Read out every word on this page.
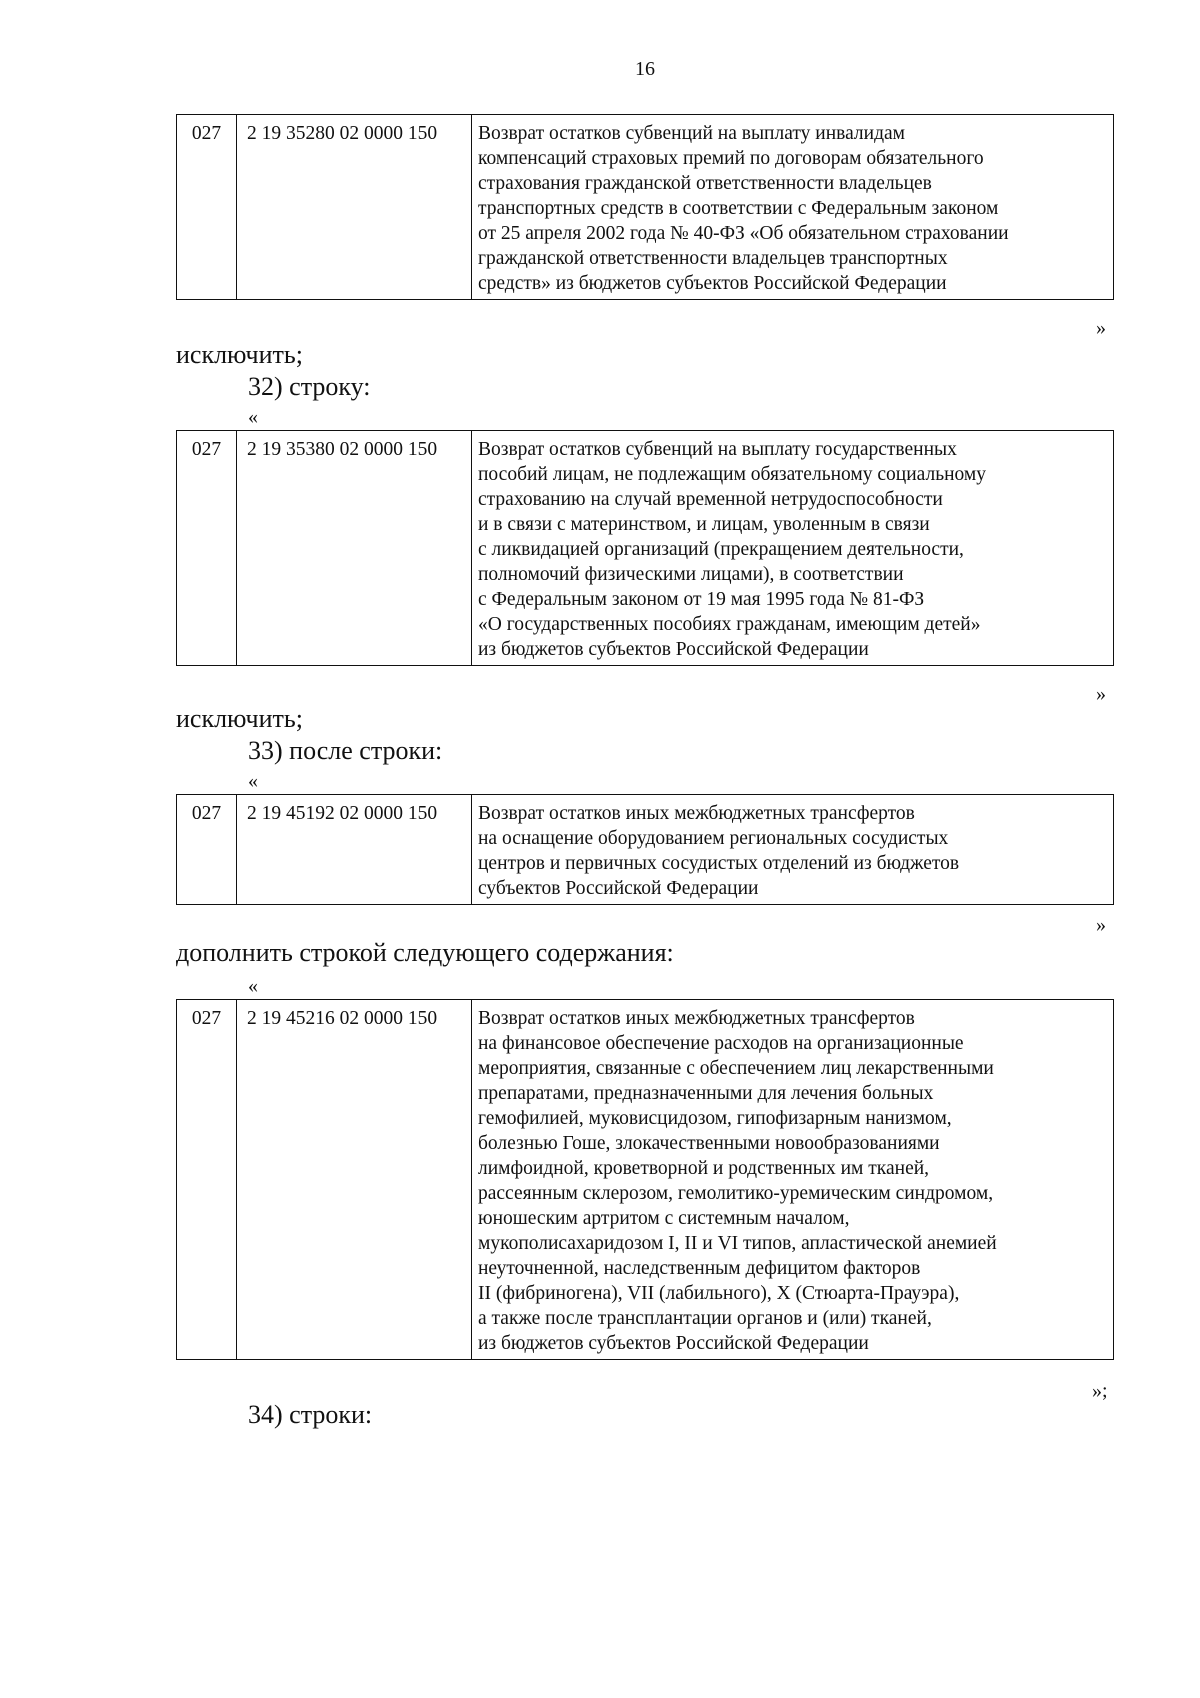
16
027	2 19 35280 02 0000 150	Возврат остатков субвенций на выплату инвалидам
компенсаций страховых премий по договорам обязательного
страхования гражданской ответственности владельцев
транспортных средств в соответствии с Федеральным законом
от 25 апреля 2002 года № 40-ФЗ «Об обязательном страховании
гражданской ответственности владельцев транспортных
средств» из бюджетов субъектов Российской Федерации
»
исключить;
32) строку:
«
027	2 19 35380 02 0000 150	Возврат остатков субвенций на выплату государственных
пособий лицам, не подлежащим обязательному социальному
страхованию на случай временной нетрудоспособности
и в связи с материнством, и лицам, уволенным в связи
с ликвидацией организаций (прекращением деятельности,
полномочий физическими лицами), в соответствии
с Федеральным законом от 19 мая 1995 года № 81-ФЗ
«О государственных пособиях гражданам, имеющим детей»
из бюджетов субъектов Российской Федерации
»
исключить;
33) после строки:
«
027	2 19 45192 02 0000 150	Возврат остатков иных межбюджетных трансфертов
на оснащение оборудованием региональных сосудистых
центров и первичных сосудистых отделений из бюджетов
субъектов Российской Федерации
»
дополнить строкой следующего содержания:
«
027	2 19 45216 02 0000 150	Возврат остатков иных межбюджетных трансфертов
на финансовое обеспечение расходов на организационные
мероприятия, связанные с обеспечением лиц лекарственными
препаратами, предназначенными для лечения больных
гемофилией, муковисцидозом, гипофизарным нанизмом,
болезнью Гоше, злокачественными новообразованиями
лимфоидной, кроветворной и родственных им тканей,
рассеянным склерозом, гемолитико-уремическим синдромом,
юношеским артритом с системным началом,
мукополисахаридозом I, II и VI типов, апластической анемией
неуточненной, наследственным дефицитом факторов
II (фибриногена), VII (лабильного), X (Стюарта-Прауэра),
а также после трансплантации органов и (или) тканей,
из бюджетов субъектов Российской Федерации
»;
34) строки:
